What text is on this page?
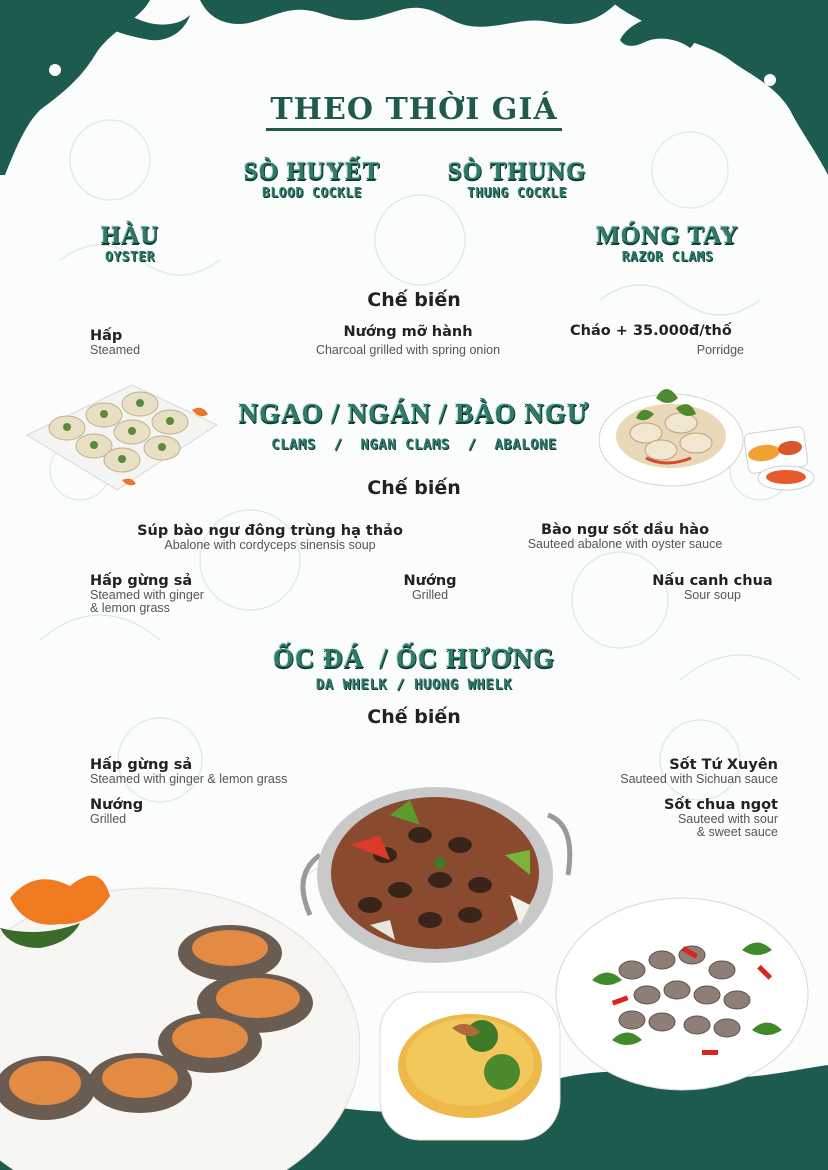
THEO THỜI GIÁ
SÒ HUYẾT
BLOOD COCKLE
SÒ THUNG
THUNG COCKLE
HÀU
OYSTER
MÓNG TAY
RAZOR CLAMS
Chế biến
Hấp
Steamed
Nướng mỡ hành
Charcoal grilled with spring onion
Cháo + 35.000đ/thố
Porridge
NGAO / NGÁN / BÀO NGƯ
CLAMS  /  NGAN CLAMS  /  ABALONE
Chế biến
Súp bào ngư đông trùng hạ thảo
Abalone with cordyceps sinensis soup
Bào ngư sốt dầu hào
Sauteed abalone with oyster sauce
Hấp gừng sả
Steamed with ginger
& lemon grass
Nướng
Grilled
Nấu canh chua
Sour soup
ỐC ĐÁ  / ỐC HƯƠNG
DA WHELK / HUONG WHELK
Chế biến
Hấp gừng sả
Steamed with ginger & lemon grass
Nướng
Grilled
Sốt Tứ Xuyên
Sauteed with Sichuan sauce
Sốt chua ngọt
Sauteed with sour
& sweet sauce
